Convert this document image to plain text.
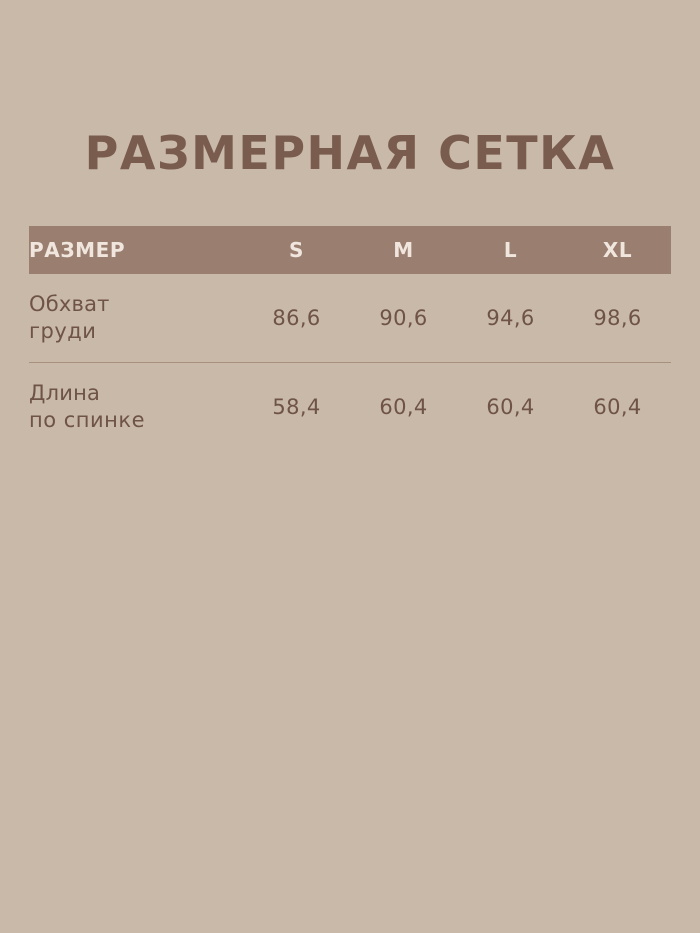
РАЗМЕРНАЯ СЕТКА
РАЗМЕР	S	M	L	XL
Обхват
груди	86,6	90,6	94,6	98,6
Длина
по спинке	58,4	60,4	60,4	60,4
